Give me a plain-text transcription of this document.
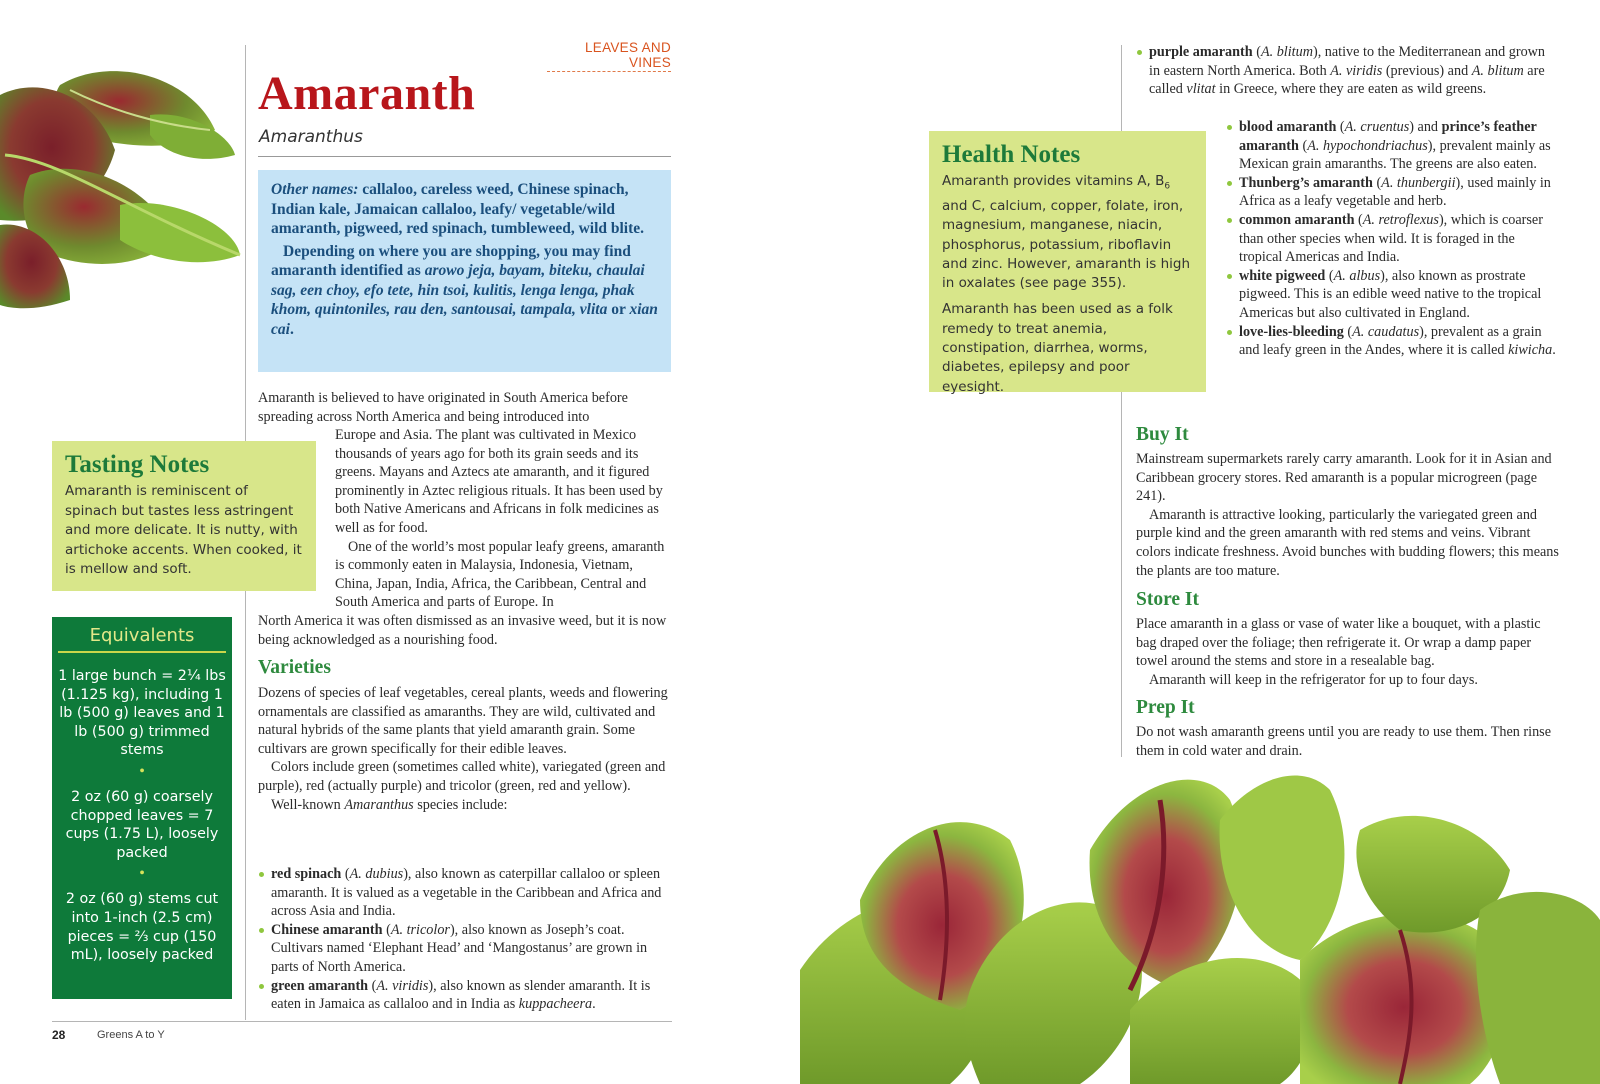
LEAVES AND VINES
Amaranth
Amaranthus

Other names: callaloo, careless weed, Chinese spinach, Indian kale, Jamaican callaloo, leafy/ vegetable/wild amaranth, pigweed, red spinach, tumbleweed, wild blite.

Depending on where you are shopping, you may find amaranth identified as arowo jeja, bayam, biteku, chaulai sag, een choy, efo tete, hin tsoi, kulitis, lenga lenga, phak khom, quintoniles, rau den, santousai, tampala, vlita or xian cai.

Amaranth is believed to have originated in South America before

spreading across North America and being introduced into

Europe and Asia. The plant was cultivated in Mexico thousands of years ago for both its grain seeds and its greens. Mayans and Aztecs ate amaranth, and it figured prominently in Aztec religious rituals. It has been used by both Native Americans and Africans in folk medicines as well as for food.

One of the world’s most popular leafy greens, amaranth is commonly eaten in Malaysia, Indonesia, Vietnam, China, Japan, India, Africa, the Caribbean, Central and South America and parts of Europe. In

North America it was often dismissed as an invasive weed, but it is now being acknowledged as a nourishing food.

Tasting Notes

Amaranth is reminiscent of spinach but tastes less astringent and more delicate. It is nutty, with artichoke accents. When cooked, it is mellow and soft.

Equivalents
1 large bunch = 2¼ lbs (1.125 kg), including 1 lb (500 g) leaves and 1 lb (500 g) trimmed stems
•
2 oz (60 g) coarsely chopped leaves = 7 cups (1.75 L), loosely packed
•
2 oz (60 g) stems cut into 1-inch (2.5 cm) pieces = ⅔ cup (150 mL), loosely packed
Varieties

Dozens of species of leaf vegetables, cereal plants, weeds and flowering ornamentals are classified as amaranths. They are wild, cultivated and natural hybrids of the same plants that yield amaranth grain. Some cultivars are grown specifically for their edible leaves.

Colors include green (sometimes called white), variegated (green and purple), red (actually purple) and tricolor (green, red and yellow).

Well-known Amaranthus species include:

red spinach (A. dubius), also known as caterpillar callaloo or spleen amaranth. It is valued as a vegetable in the Caribbean and Africa and across Asia and India.
Chinese amaranth (A. tricolor), also known as Joseph’s coat. Cultivars named ‘Elephant Head’ and ‘Mangostanus’ are grown in parts of North America.
green amaranth (A. viridis), also known as slender amaranth. It is eaten in Jamaica as callaloo and in India as kuppacheera.
28	Greens A to Y
purple amaranth (A. blitum), native to the Mediterranean and grown in eastern North America. Both A. viridis (previous) and A. blitum are called vlitat in Greece, where they are eaten as wild greens.
blood amaranth (A. cruentus) and prince’s feather amaranth (A. hypochondriachus), prevalent mainly as Mexican grain amaranths. The greens are also eaten.
Thunberg’s amaranth (A. thunbergii), used mainly in Africa as a leafy vegetable and herb.
common amaranth (A. retroflexus), which is coarser than other species when wild. It is foraged in the tropical Americas and India.
white pigweed (A. albus), also known as prostrate pigweed. This is an edible weed native to the tropical Americas but also cultivated in England.
love-lies-bleeding (A. caudatus), prevalent as a grain and leafy green in the Andes, where it is called kiwicha.
Health Notes

Amaranth provides vitamins A, $B_6$ and C, calcium, copper, folate, iron, magnesium, manganese, niacin, phosphorus, potassium, riboflavin and zinc. However, amaranth is high in oxalates (see page 355).

Amaranth has been used as a folk remedy to treat anemia, constipation, diarrhea, worms, diabetes, epilepsy and poor eyesight.

Buy It

Mainstream supermarkets rarely carry amaranth. Look for it in Asian and Caribbean grocery stores. Red amaranth is a popular microgreen (page 241).

Amaranth is attractive looking, particularly the variegated green and purple kind and the green amaranth with red stems and veins. Vibrant colors indicate freshness. Avoid bunches with budding flowers; this means the plants are too mature.

Store It

Place amaranth in a glass or vase of water like a bouquet, with a plastic bag draped over the foliage; then refrigerate it. Or wrap a damp paper towel around the stems and store in a resealable bag.

Amaranth will keep in the refrigerator for up to four days.

Prep It

Do not wash amaranth greens until you are ready to use them. Then rinse them in cold water and drain.
